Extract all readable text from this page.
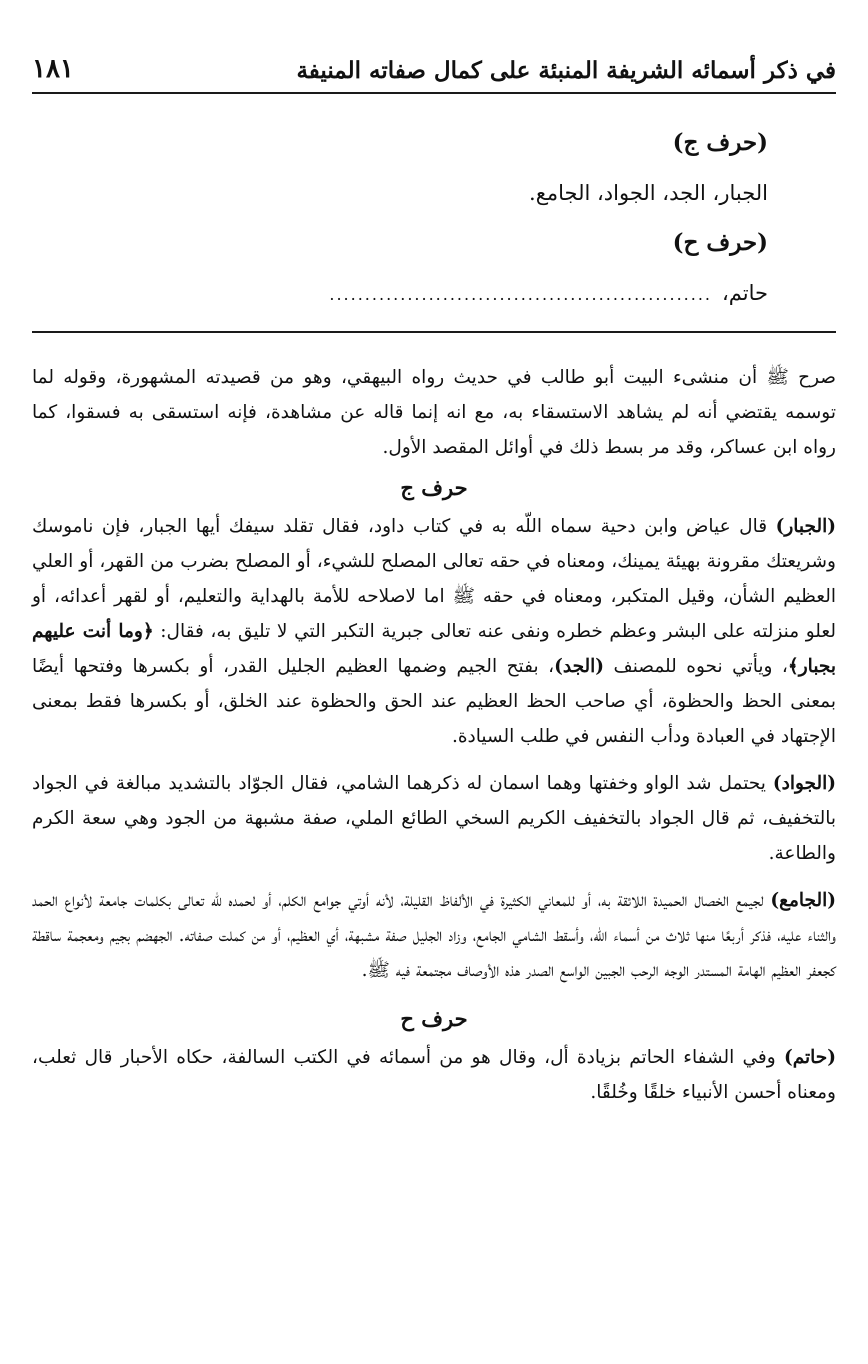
في ذكر أسمائه الشريفة المنبئة على كمال صفاته المنيفة
١٨١
(حرف ج)
الجبار، الجد، الجواد، الجامع.
(حرف ح)
حاتم،......................................................

صرح ﷺ أن منشىء البيت أبو طالب في حديث رواه البيهقي، وهو من قصيدته المشهورة، وقوله لما توسمه يقتضي أنه لم يشاهد الاستسقاء به، مع انه إنما قاله عن مشاهدة، فإنه استسقى به فسقوا، كما رواه ابن عساكر، وقد مر بسط ذلك في أوائل المقصد الأول.

حرف ج

(الجبار) قال عياض وابن دحية سماه اللّه به في كتاب داود، فقال تقلد سيفك أيها الجبار، فإن ناموسك وشريعتك مقرونة بهيئة يمينك، ومعناه في حقه تعالى المصلح للشيء، أو المصلح بضرب من القهر، أو العلي العظيم الشأن، وقيل المتكبر، ومعناه في حقه ﷺ اما لاصلاحه للأمة بالهداية والتعليم، أو لقهر أعدائه، أو لعلو منزلته على البشر وعظم خطره ونفى عنه تعالى جبرية التكبر التي لا تليق به، فقال: ﴿وما أنت عليهم بجبار﴾، ويأتي نحوه للمصنف (الجد)، بفتح الجيم وضمها العظيم الجليل القدر، أو بكسرها وفتحها أيضًا بمعنى الحظ والحظوة، أي صاحب الحظ العظيم عند الحق والحظوة عند الخلق، أو بكسرها فقط بمعنى الإجتهاد في العبادة ودأب النفس في طلب السيادة.

(الجواد) يحتمل شد الواو وخفتها وهما اسمان له ذكرهما الشامي، فقال الجوّاد بالتشديد مبالغة في الجواد بالتخفيف، ثم قال الجواد بالتخفيف الكريم السخي الطائع الملي، صفة مشبهة من الجود وهي سعة الكرم والطاعة.

(الجامع) لجيمع الخصال الحميدة اللائقة به، أو للمعاني الكثيرة في الألفاظ القليلة، لأنه أوتي جوامع الكلم، أو لحمده للّه تعالى بكلمات جامعة لأنواع الحمد والثناء عليه، فذكر أربعًا منها ثلاث من أسماء اللّه، وأسقط الشامي الجامع، وزاد الجليل صفة مشبهة، أي العظيم، أو من كملت صفاته. الجهضم بجيم ومعجمة ساقطة كجعفر العظيم الهامة المستدر الوجه الرحب الجبين الواسع الصدر هذه الأوصاف مجتمعة فيه ﷺ.

حرف ح

(حاتم) وفي الشفاء الحاتم بزيادة أل، وقال هو من أسمائه في الكتب السالفة، حكاه الأحبار قال ثعلب، ومعناه أحسن الأنبياء خلقًا وخُلقًا.
